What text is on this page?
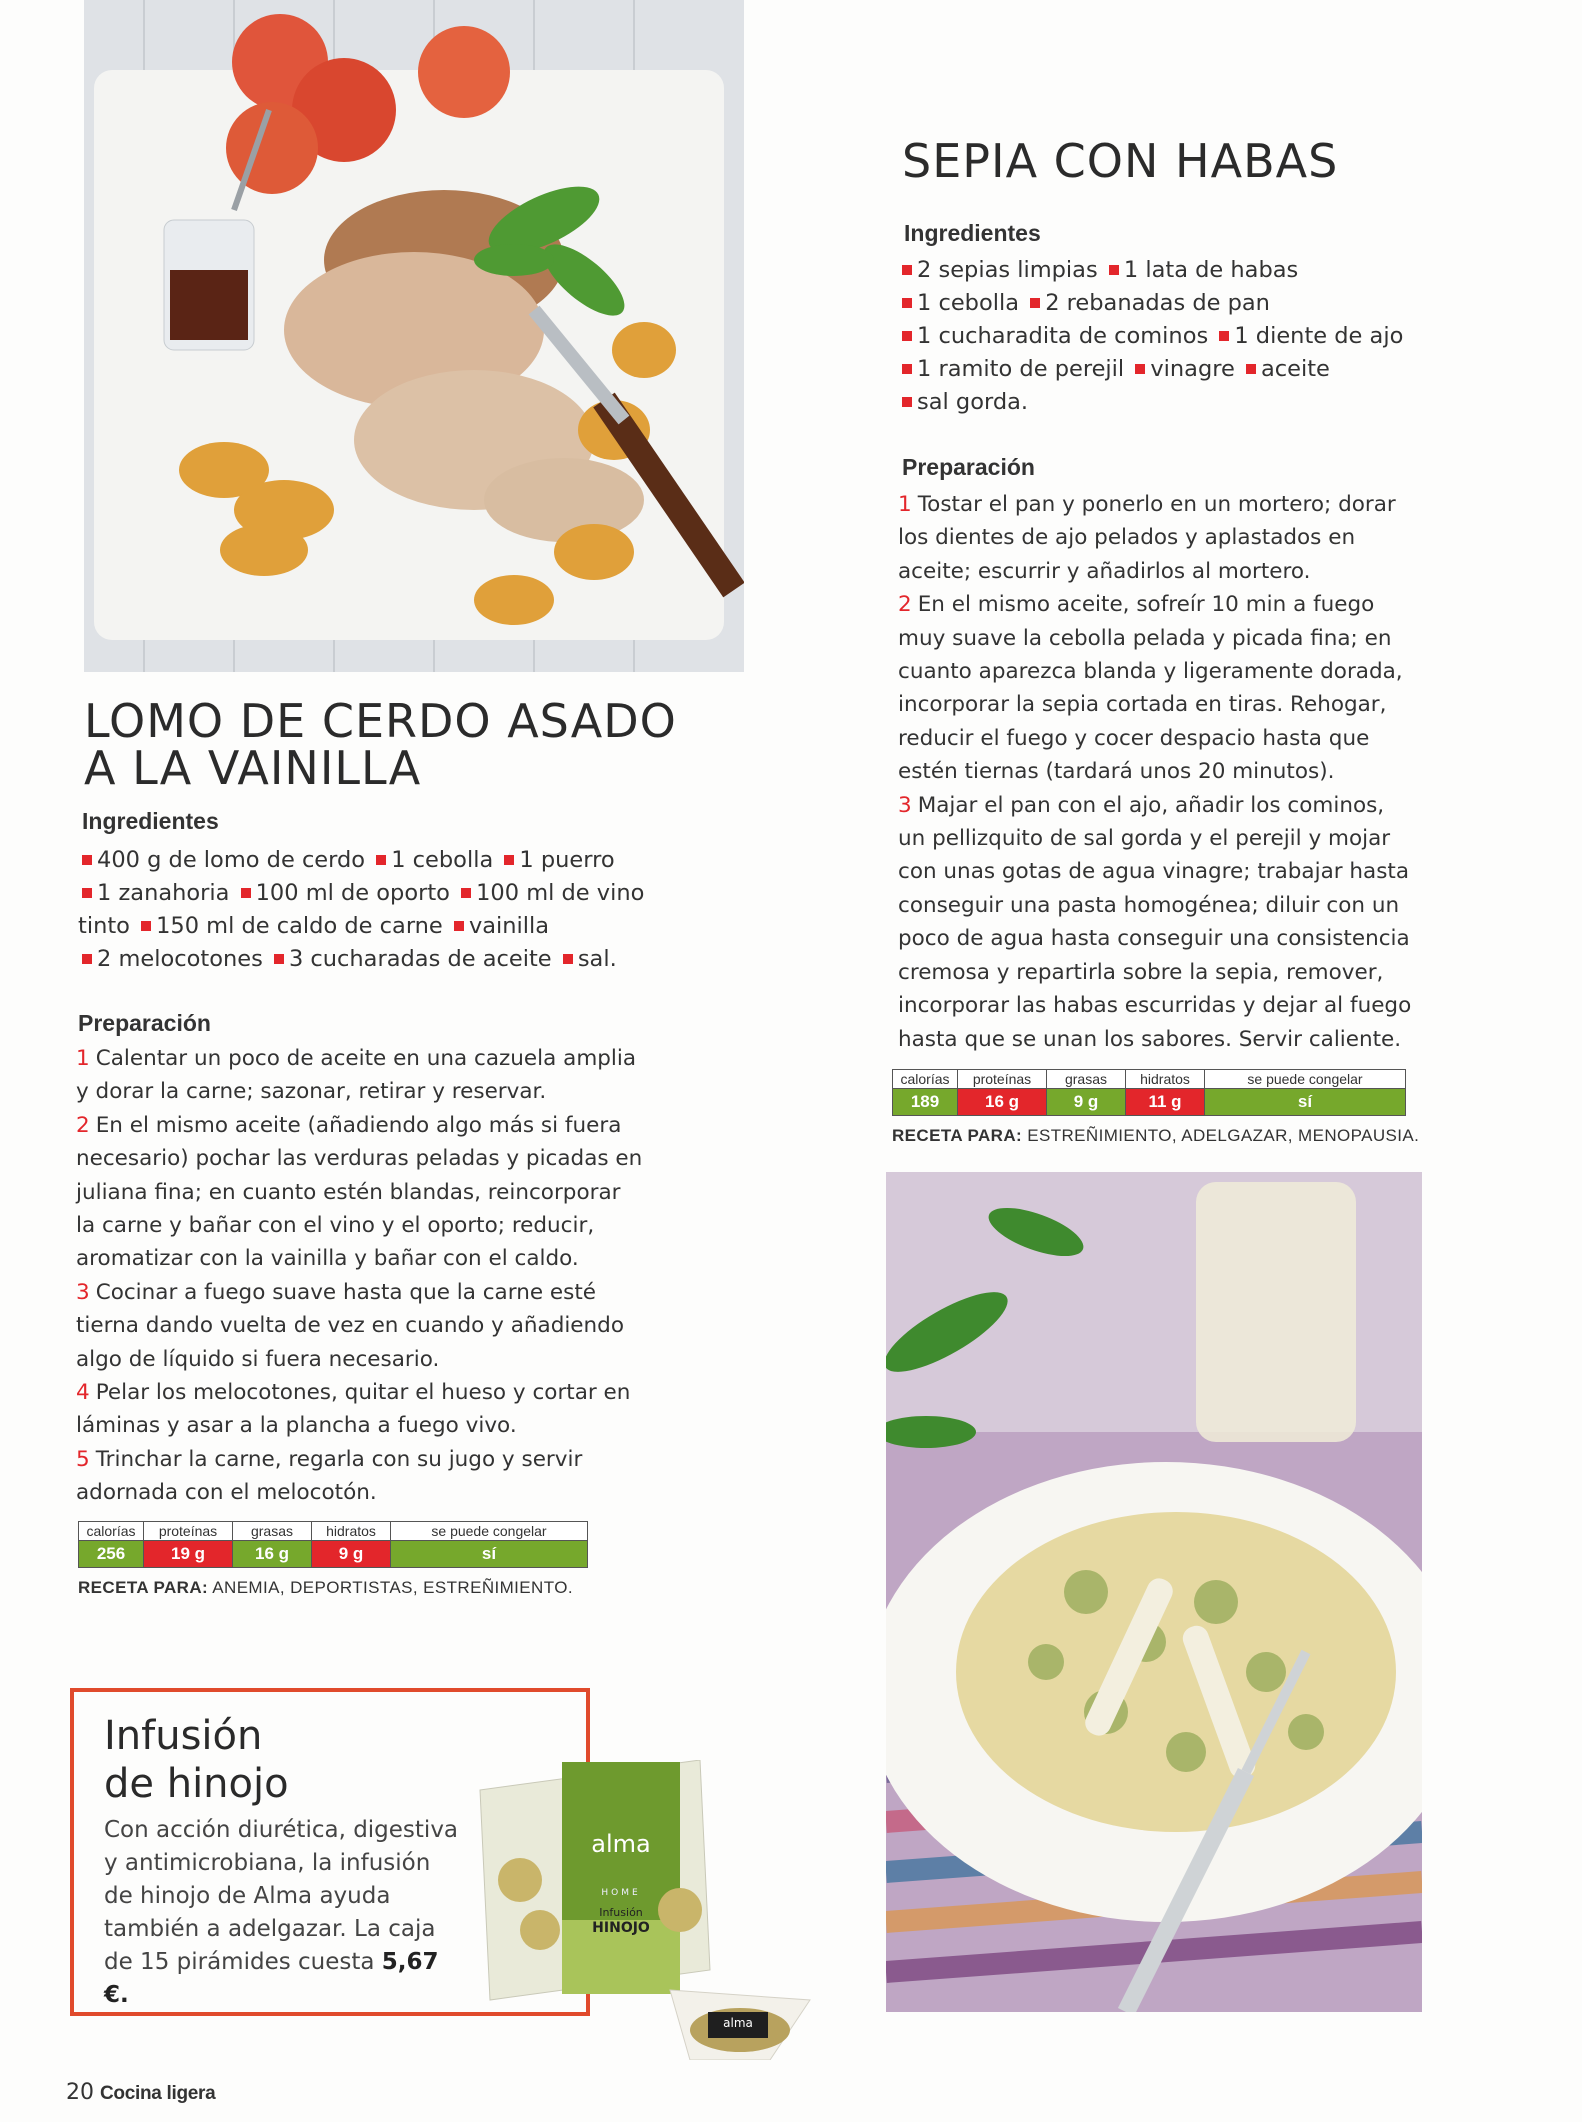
LOMO DE CERDO ASADO
A LA VAINILLA
Ingredientes
400 g de lomo de cerdo 1 cebolla 1 puerro
1 zanahoria 100 ml de oporto 100 ml de vino
tinto 150 ml de caldo de carne vainilla
2 melocotones 3 cucharadas de aceite sal.
Preparación

1 Calentar un poco de aceite en una cazuela amplia
y dorar la carne; sazonar, retirar y reservar.
2 En el mismo aceite (añadiendo algo más si fuera
necesario) pochar las verduras peladas y picadas en
juliana fina; en cuanto estén blandas, reincorporar
la carne y bañar con el vino y el oporto; reducir,
aromatizar con la vainilla y bañar con el caldo.
3 Cocinar a fuego suave hasta que la carne esté
tierna dando vuelta de vez en cuando y añadiendo
algo de líquido si fuera necesario.
4 Pelar los melocotones, quitar el hueso y cortar en
láminas y asar a la plancha a fuego vivo.
5 Trinchar la carne, regarla con su jugo y servir
adornada con el melocotón.

calorías	proteínas	grasas	hidratos	se puede congelar
256	19 g	16 g	9 g	sí
RECETA PARA: ANEMIA, DEPORTISTAS, ESTREÑIMIENTO.
SEPIA CON HABAS
Ingredientes
2 sepias limpias 1 lata de habas
1 cebolla 2 rebanadas de pan
1 cucharadita de cominos 1 diente de ajo
1 ramito de perejil vinagre aceite
sal gorda.
Preparación

1 Tostar el pan y ponerlo en un mortero; dorar
los dientes de ajo pelados y aplastados en
aceite; escurrir y añadirlos al mortero.
2 En el mismo aceite, sofreír 10 min a fuego
muy suave la cebolla pelada y picada fina; en
cuanto aparezca blanda y ligeramente dorada,
incorporar la sepia cortada en tiras. Rehogar,
reducir el fuego y cocer despacio hasta que
estén tiernas (tardará unos 20 minutos).
3 Majar el pan con el ajo, añadir los cominos,
un pellizquito de sal gorda y el perejil y mojar
con unas gotas de agua vinagre; trabajar hasta
conseguir una pasta homogénea; diluir con un
poco de agua hasta conseguir una consistencia
cremosa y repartirla sobre la sepia, remover,
incorporar las habas escurridas y dejar al fuego
hasta que se unan los sabores. Servir caliente.

calorías	proteínas	grasas	hidratos	se puede congelar
189	16 g	9 g	11 g	sí
RECETA PARA: ESTREÑIMIENTO, ADELGAZAR, MENOPAUSIA.
Infusión
de hinojo

Con acción diurética, digestiva y antimicrobiana, la infusión de hinojo de Alma ayuda también a adelgazar. La caja de 15 pirámides cuesta 5,67 €.

alma
HOME
Infusión
HINOJO
alma
20 Cocina ligera
